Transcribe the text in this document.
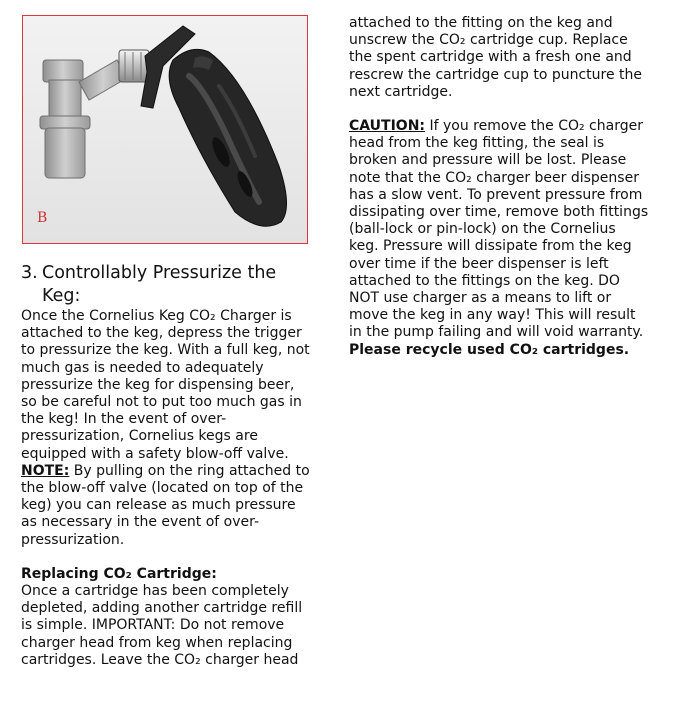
B
3. Controllably Pressurize the
Keg:

Once the Cornelius Keg CO₂ Charger is attached to the keg, depress the trigger to pressurize the keg. With a full keg, not much gas is needed to adequately pressurize the keg for dispensing beer, so be careful not to put too much gas in the keg! In the event of over-pressurization, Cornelius kegs are equipped with a safety blow-off valve.
NOTE: By pulling on the ring attached to the blow-off valve (located on top of the keg) you can release as much pressure as necessary in the event of over-pressurization.

Replacing CO₂ Cartridge:
Once a cartridge has been completely depleted, adding another cartridge refill is simple. IMPORTANT: Do not remove charger head from keg when replacing cartridges. Leave the CO₂ charger head

attached to the fitting on the keg and unscrew the CO₂ cartridge cup. Replace the spent cartridge with a fresh one and rescrew the cartridge cup to puncture the next cartridge.

CAUTION: If you remove the CO₂ charger head from the keg fitting, the seal is broken and pressure will be lost. Please note that the CO₂ charger beer dispenser has a slow vent. To prevent pressure from dissipating over time, remove both fittings (ball-lock or pin-lock) on the Cornelius keg. Pressure will dissipate from the keg over time if the beer dispenser is left attached to the fittings on the keg. DO NOT use charger as a means to lift or move the keg in any way! This will result in the pump failing and will void warranty. Please recycle used CO₂ cartridges.
